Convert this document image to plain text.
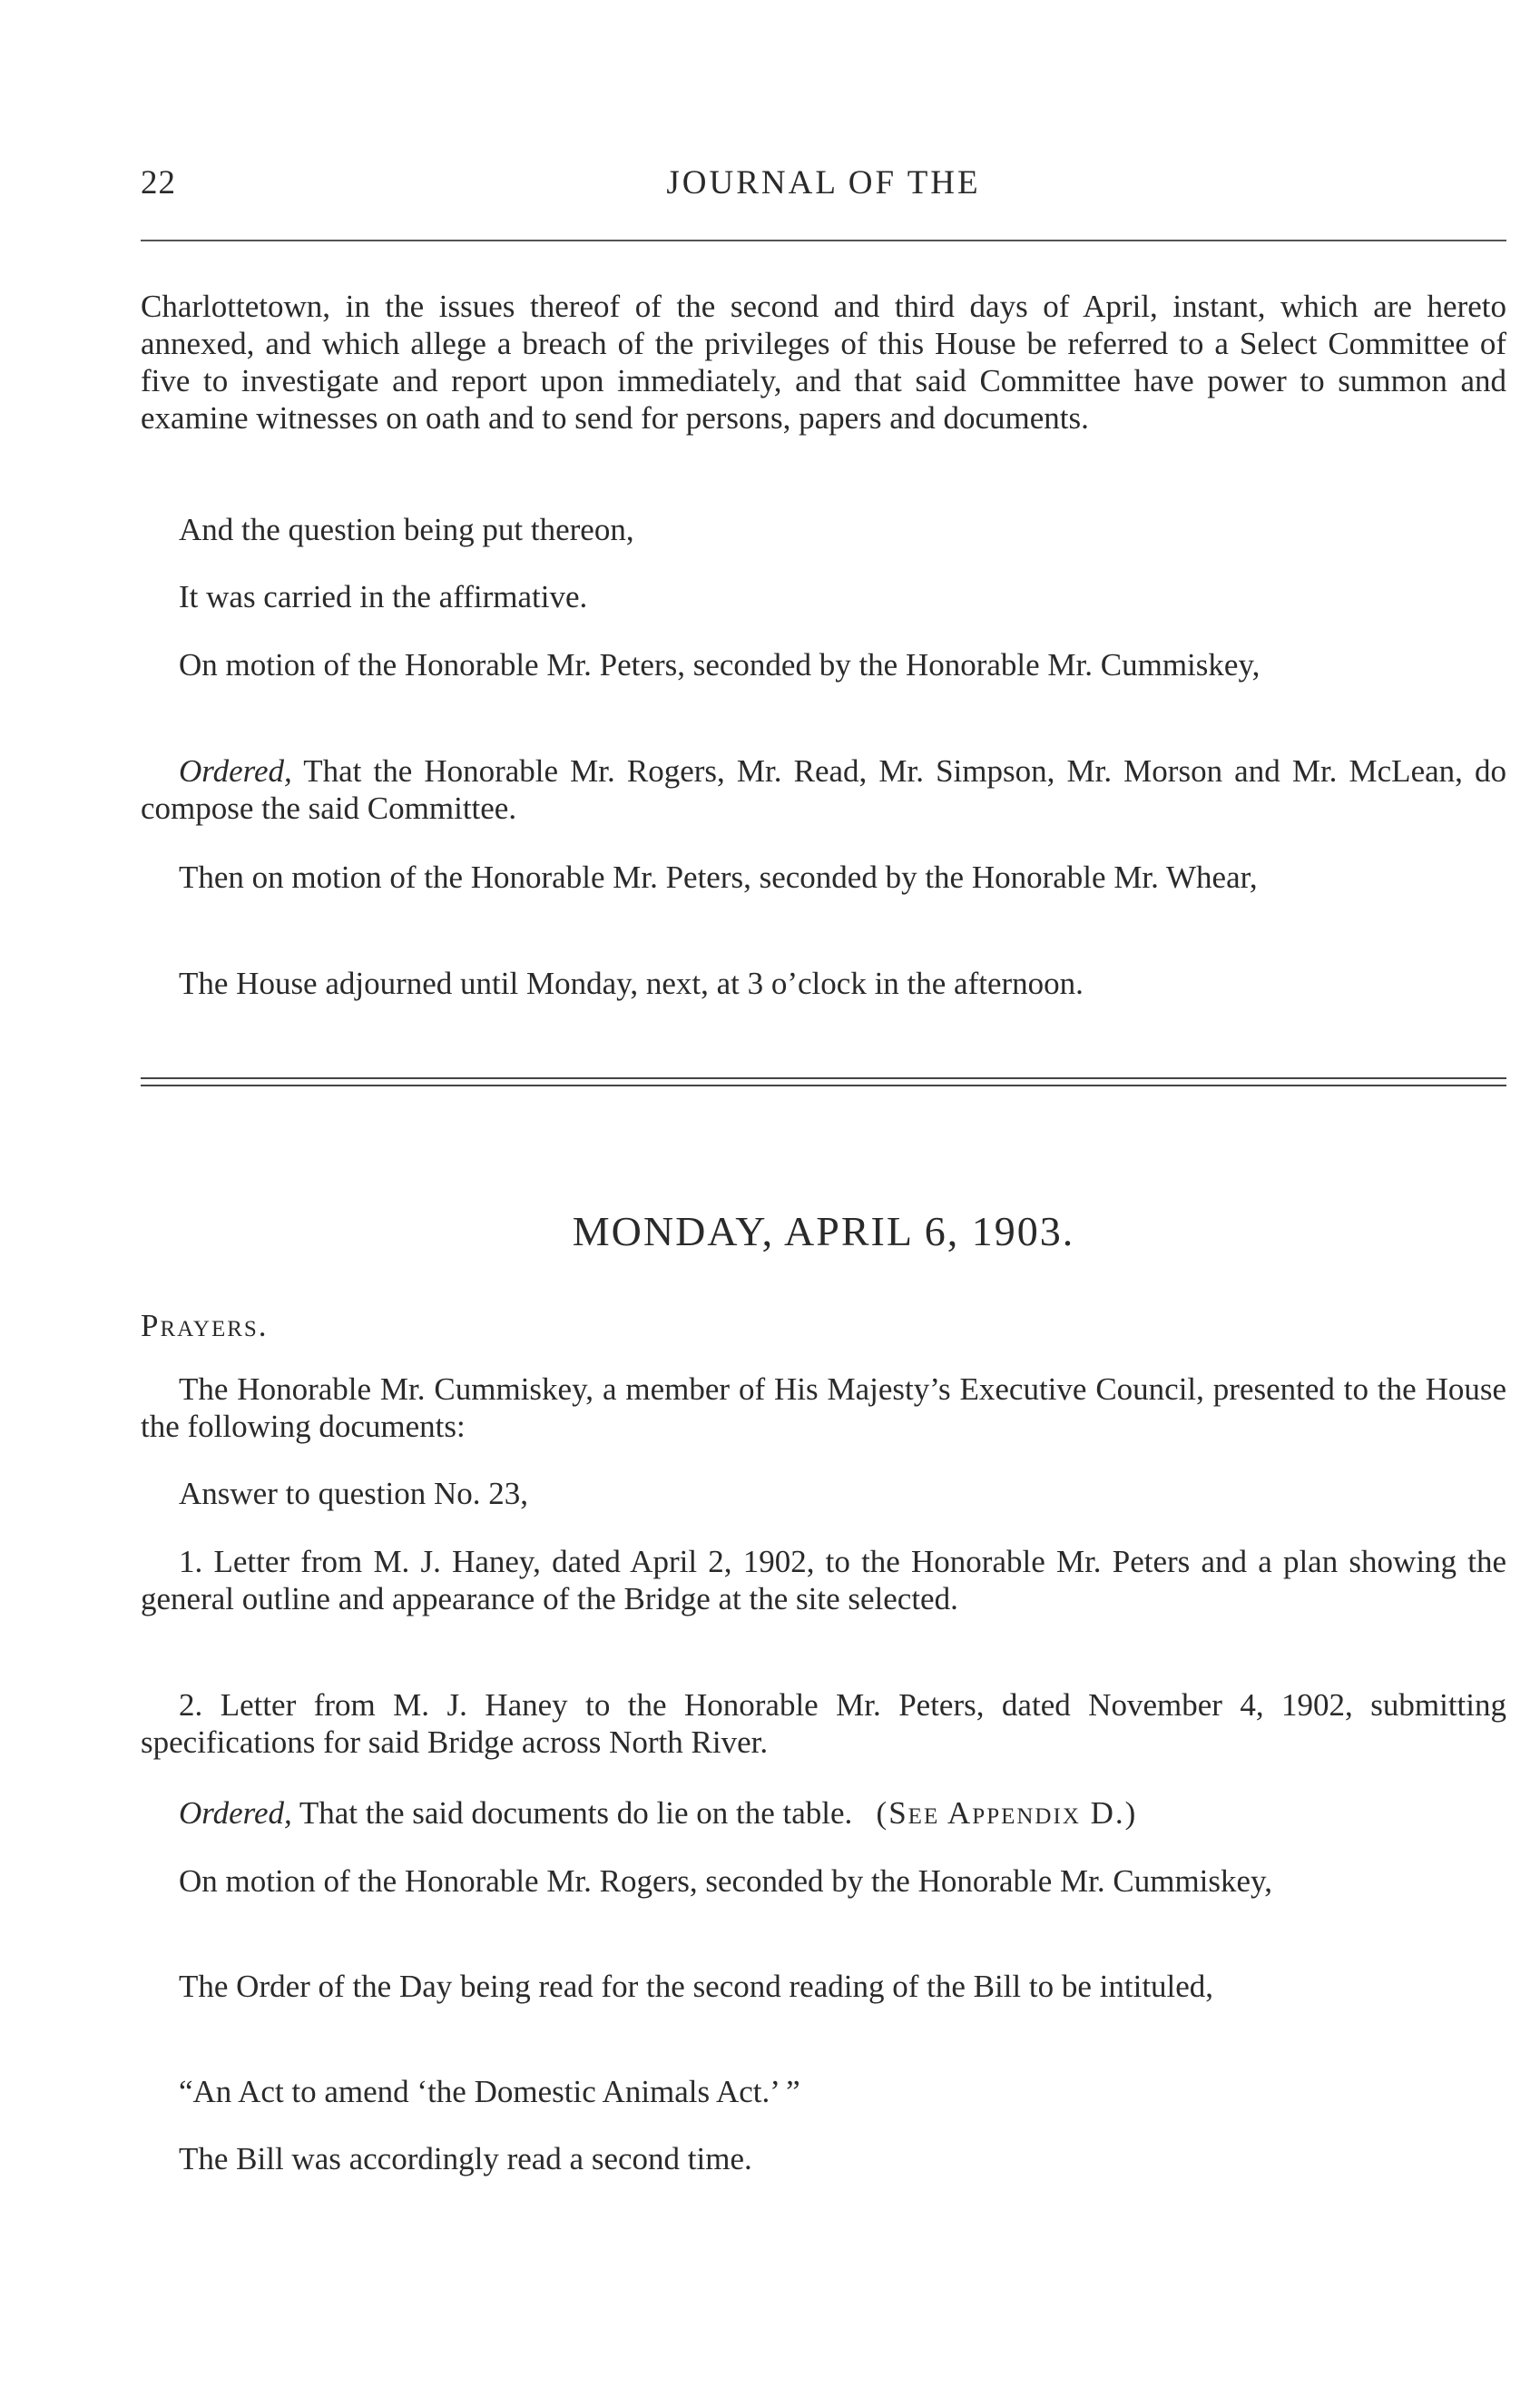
22	JOURNAL OF THE

Charlottetown, in the issues thereof of the second and third days of April, instant, which are hereto annexed, and which allege a breach of the privileges of this House be referred to a Select Committee of five to investigate and report upon immediately, and that said Committee have power to summon and examine witnesses on oath and to send for persons, papers and documents.

And the question being put thereon,

It was carried in the affirmative.

On motion of the Honorable Mr. Peters, seconded by the Honorable Mr. Cummiskey,

Ordered, That the Honorable Mr. Rogers, Mr. Read, Mr. Simpson, Mr. Morson and Mr. McLean, do compose the said Committee.

Then on motion of the Honorable Mr. Peters, seconded by the Honorable Mr. Whear,

The House adjourned until Monday, next, at 3 o’clock in the afternoon.

MONDAY, APRIL 6, 1903.

Prayers.

The Honorable Mr. Cummiskey, a member of His Majesty’s Executive Council, presented to the House the following documents:

Answer to question No. 23,

1. Letter from M. J. Haney, dated April 2, 1902, to the Honorable Mr. Peters and a plan showing the general outline and appearance of the Bridge at the site selected.

2. Letter from M. J. Haney to the Honorable Mr. Peters, dated November 4, 1902, submitting specifications for said Bridge across North River.

Ordered, That the said documents do lie on the table. (See Appendix D.)

On motion of the Honorable Mr. Rogers, seconded by the Honorable Mr. Cummiskey,

The Order of the Day being read for the second reading of the Bill to be intituled,

“An Act to amend ‘the Domestic Animals Act.’ ”

The Bill was accordingly read a second time.
